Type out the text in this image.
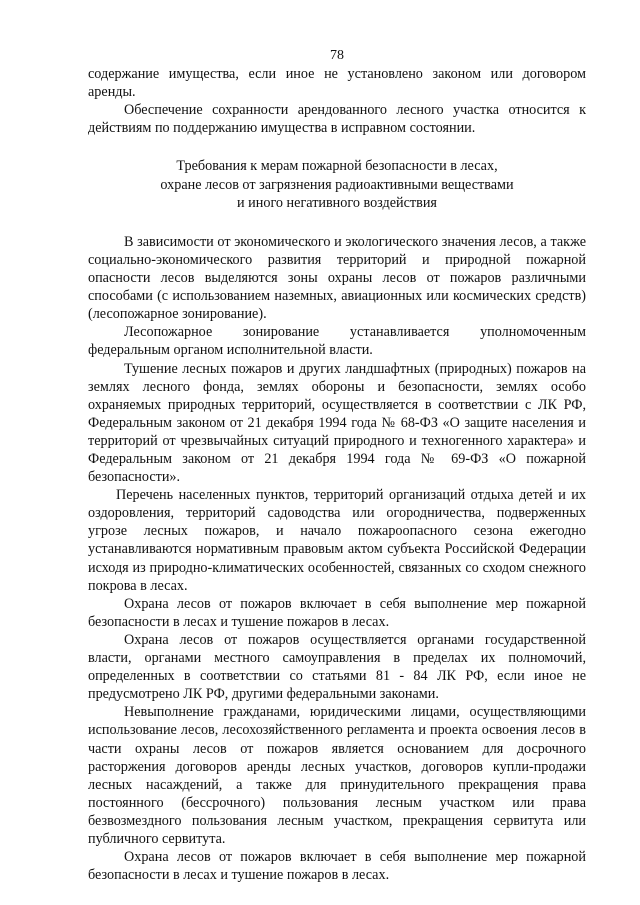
78

содержание имущества, если иное не установлено законом или договором аренды.

Обеспечение сохранности арендованного лесного участка относится к действиям по поддержанию имущества в исправном состоянии.

Требования к мерам пожарной безопасности в лесах,
охране лесов от загрязнения радиоактивными веществами
и иного негативного воздействия

В зависимости от экономического и экологического значения лесов, а также социально-экономического развития территорий и природной пожарной опасности лесов выделяются зоны охраны лесов от пожаров различными способами (с использованием наземных, авиационных или космических средств) (лесопожарное зонирование).

Лесопожарное зонирование устанавливается уполномоченным федеральным органом исполнительной власти.

Тушение лесных пожаров и других ландшафтных (природных) пожаров на землях лесного фонда, землях обороны и безопасности, землях особо охраняемых природных территорий, осуществляется в соответствии с ЛК РФ, Федеральным законом от 21 декабря 1994 года № 68-ФЗ «О защите населения и территорий от чрезвычайных ситуаций природного и техногенного характера» и Федеральным законом от 21 декабря 1994 года № 69-ФЗ «О пожарной безопасности».

Перечень населенных пунктов, территорий организаций отдыха детей и их оздоровления, территорий садоводства или огородничества, подверженных угрозе лесных пожаров, и начало пожароопасного сезона ежегодно устанавливаются нормативным правовым актом субъекта Российской Федерации исходя из природно-климатических особенностей, связанных со сходом снежного покрова в лесах.

Охрана лесов от пожаров включает в себя выполнение мер пожарной безопасности в лесах и тушение пожаров в лесах.

Охрана лесов от пожаров осуществляется органами государственной власти, органами местного самоуправления в пределах их полномочий, определенных в соответствии со статьями 81 - 84 ЛК РФ, если иное не предусмотрено ЛК РФ, другими федеральными законами.

Невыполнение гражданами, юридическими лицами, осуществляющими использование лесов, лесохозяйственного регламента и проекта освоения лесов в части охраны лесов от пожаров является основанием для досрочного расторжения договоров аренды лесных участков, договоров купли-продажи лесных насаждений, а также для принудительного прекращения права постоянного (бессрочного) пользования лесным участком или права безвозмездного пользования лесным участком, прекращения сервитута или публичного сервитута.

Охрана лесов от пожаров включает в себя выполнение мер пожарной безопасности в лесах и тушение пожаров в лесах.
